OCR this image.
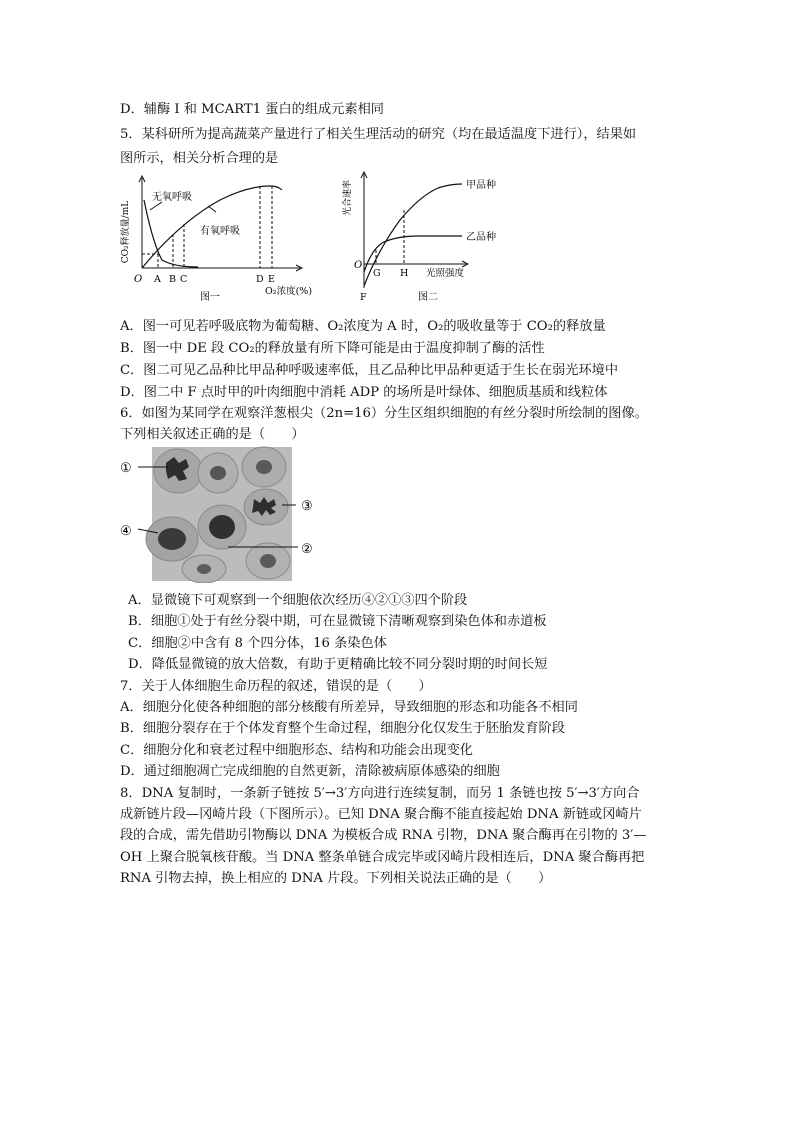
D．辅酶 I 和 MCART1 蛋白的组成元素相同
5．某科研所为提高蔬菜产量进行了相关生理活动的研究（均在最适温度下进行），结果如
图所示，相关分析合理的是
CO₂释放量/mL
无氧呼吸
有氧呼吸
O A B C	D E
图一
O₂浓度(%)
光合速率	甲品种
乙品种
O
G H 光照强度
F	图二
A．图一可见若呼吸底物为葡萄糖、O₂浓度为 A 时，O₂的吸收量等于 CO₂的释放量
B．图一中 DE 段 CO₂的释放量有所下降可能是由于温度抑制了酶的活性
C．图二可见乙品种比甲品种呼吸速率低，且乙品种比甲品种更适于生长在弱光环境中
D．图二中 F 点时甲的叶肉细胞中消耗 ADP 的场所是叶绿体、细胞质基质和线粒体
6．如图为某同学在观察洋葱根尖（2n=16）分生区组织细胞的有丝分裂时所绘制的图像。
下列相关叙述正确的是（　　）
①
②
③
④
A．显微镜下可观察到一个细胞依次经历④②①③四个阶段
B．细胞①处于有丝分裂中期，可在显微镜下清晰观察到染色体和赤道板
C．细胞②中含有 8 个四分体，16 条染色体
D．降低显微镜的放大倍数，有助于更精确比较不同分裂时期的时间长短
7．关于人体细胞生命历程的叙述，错误的是（　　）
A．细胞分化使各种细胞的部分核酸有所差异，导致细胞的形态和功能各不相同
B．细胞分裂存在于个体发育整个生命过程，细胞分化仅发生于胚胎发育阶段
C．细胞分化和衰老过程中细胞形态、结构和功能会出现变化
D．通过细胞凋亡完成细胞的自然更新，清除被病原体感染的细胞
8．DNA 复制时，一条新子链按 5′→3′方向进行连续复制，而另 1 条链也按 5′→3′方向合
成新链片段—冈崎片段（下图所示）。已知 DNA 聚合酶不能直接起始 DNA 新链或冈崎片
段的合成，需先借助引物酶以 DNA 为模板合成 RNA 引物，DNA 聚合酶再在引物的 3′—
OH 上聚合脱氧核苷酸。当 DNA 整条单链合成完毕或冈崎片段相连后，DNA 聚合酶再把
RNA 引物去掉，换上相应的 DNA 片段。下列相关说法正确的是（　　）
